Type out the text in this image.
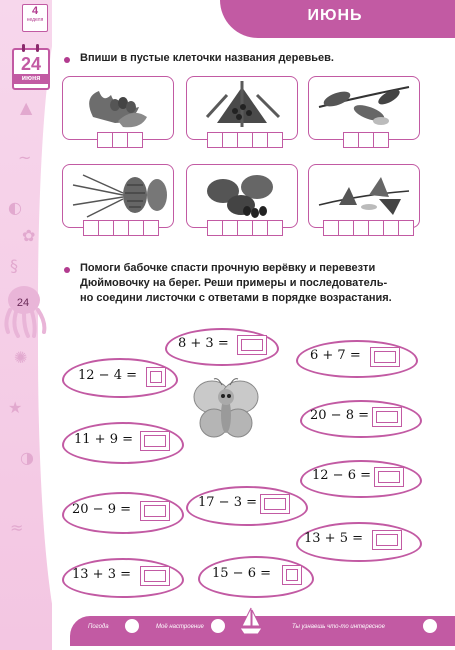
4
неделя
24
июня
▲
~
◐
✿
§
✺
★
◑
≈
24
ИЮНЬ
Впиши в пустые клеточки названия деревьев.
Помоги бабочке спасти прочную верёвку и перевезти
Дюймовочку на берег. Реши примеры и последователь-
но соедини листочки с ответами в порядке возрастания.
8 + 3 =
6 + 7 =
12 − 4 =
20 − 8 =
11 + 9 =
12 − 6 =
17 − 3 =
20 − 9 =
13 + 5 =
13 + 3 =	15 − 6 =
Погода	Моё настроение	Ты узнаешь что-то интересное
